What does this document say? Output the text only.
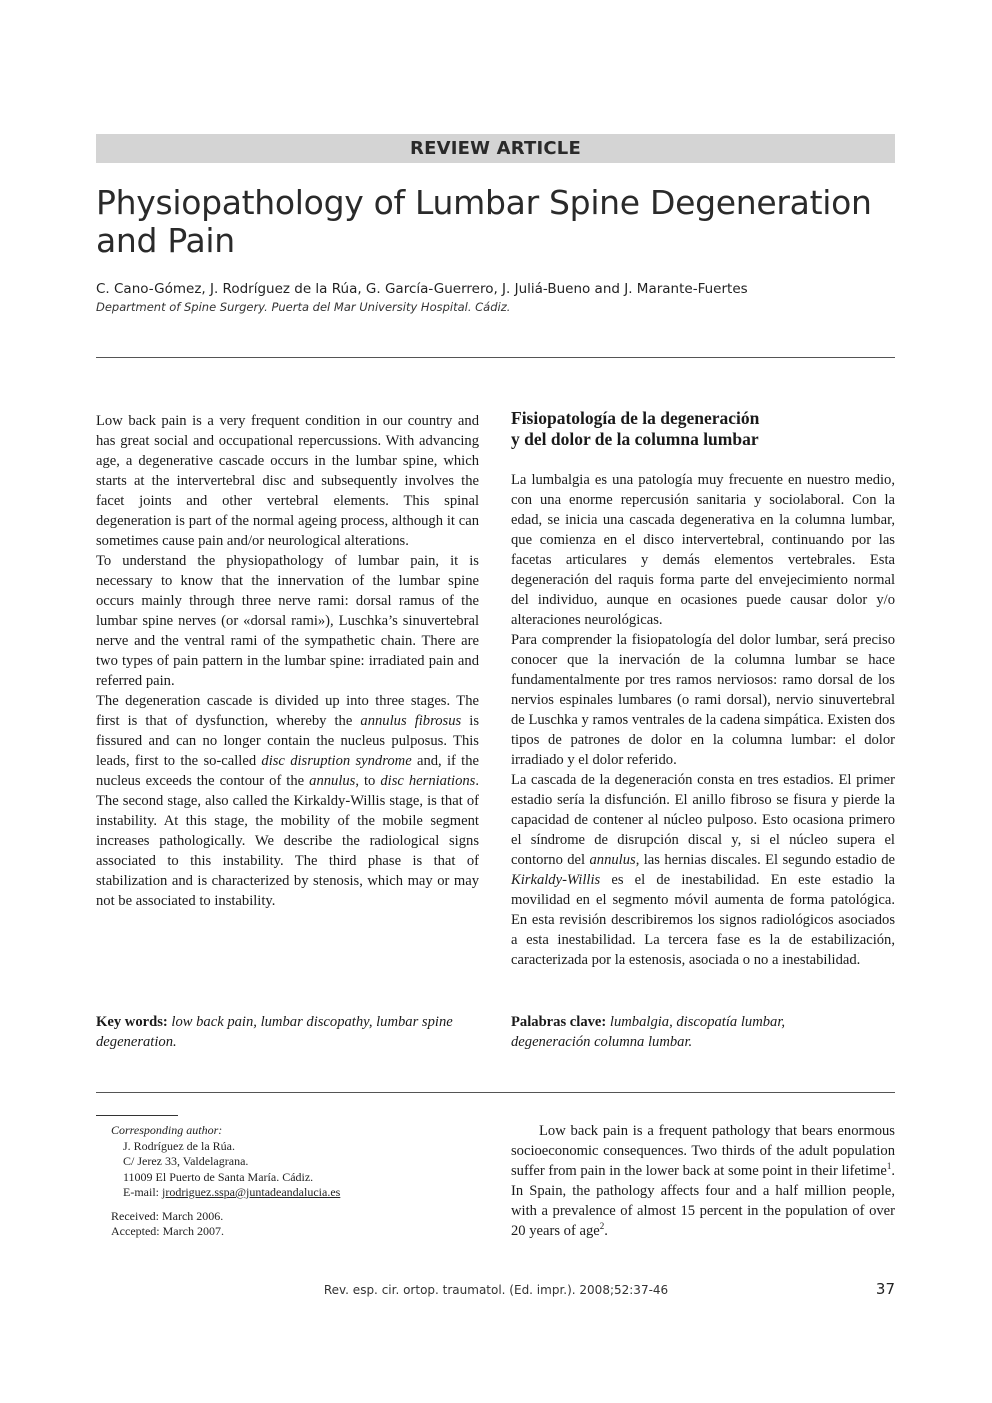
REVIEW ARTICLE
Physiopathology of Lumbar Spine Degeneration and Pain
C. Cano-Gómez, J. Rodríguez de la Rúa, G. García-Guerrero, J. Juliá-Bueno and J. Marante-Fuertes
Department of Spine Surgery. Puerta del Mar University Hospital. Cádiz.

Low back pain is a very frequent condition in our country and has great social and occupational repercussions. With advancing age, a degenerative cascade occurs in the lumbar spine, which starts at the intervertebral disc and subsequently involves the facet joints and other vertebral elements. This spinal degeneration is part of the normal ageing process, although it can sometimes cause pain and/or neurological alterations.

To understand the physiopathology of lumbar pain, it is necessary to know that the innervation of the lumbar spine occurs mainly through three nerve rami: dorsal ramus of the lumbar spine nerves (or «dorsal rami»), Luschka’s sinuvertebral nerve and the ventral rami of the sympathetic chain. There are two types of pain pattern in the lumbar spine: irradiated pain and referred pain.

The degeneration cascade is divided up into three stages. The first is that of dysfunction, whereby the annulus fibrosus is fissured and can no longer contain the nucleus pulposus. This leads, first to the so-called disc disruption syndrome and, if the nucleus exceeds the contour of the annulus, to disc herniations. The second stage, also called the Kirkaldy-Willis stage, is that of instability. At this stage, the mobility of the mobile segment increases pathologically. We describe the radiological signs associated to this instability. The third phase is that of stabilization and is characterized by stenosis, which may or may not be associated to instability.

Fisiopatología de la degeneración
y del dolor de la columna lumbar

La lumbalgia es una patología muy frecuente en nuestro medio, con una enorme repercusión sanitaria y sociolaboral. Con la edad, se inicia una cascada degenerativa en la columna lumbar, que comienza en el disco intervertebral, continuando por las facetas articulares y demás elementos vertebrales. Esta degeneración del raquis forma parte del envejecimiento normal del individuo, aunque en ocasiones puede causar dolor y/o alteraciones neurológicas.

Para comprender la fisiopatología del dolor lumbar, será preciso conocer que la inervación de la columna lumbar se hace fundamentalmente por tres ramos nerviosos: ramo dorsal de los nervios espinales lumbares (o rami dorsal), nervio sinuvertebral de Luschka y ramos ventrales de la cadena simpática. Existen dos tipos de patrones de dolor en la columna lumbar: el dolor irradiado y el dolor referido.

La cascada de la degeneración consta en tres estadios. El primer estadio sería la disfunción. El anillo fibroso se fisura y pierde la capacidad de contener al núcleo pulposo. Esto ocasiona primero el síndrome de disrupción discal y, si el núcleo supera el contorno del annulus, las hernias discales. El segundo estadio de Kirkaldy-Willis es el de inestabilidad. En este estadio la movilidad en el segmento móvil aumenta de forma patológica. En esta revisión describiremos los signos radiológicos asociados a esta inestabilidad. La tercera fase es la de estabilización, caracterizada por la estenosis, asociada o no a inestabilidad.

Key words: low back pain, lumbar discopathy, lumbar spine degeneration.
Palabras clave: lumbalgia, discopatía lumbar, degeneración columna lumbar.
Corresponding author:
J. Rodríguez de la Rúa.
C/ Jerez 33, Valdelagrana.
11009 El Puerto de Santa María. Cádiz.
E-mail: jrodriguez.sspa@juntadeandalucia.es
Received: March 2006.
Accepted: March 2007.

Low back pain is a frequent pathology that bears enormous socioeconomic consequences. Two thirds of the adult population suffer from pain in the lower back at some point in their lifetime$^1$. In Spain, the pathology affects four and a half million people, with a prevalence of almost 15 percent in the population of over 20 years of age$^2$.

Rev. esp. cir. ortop. traumatol. (Ed. impr.). 2008;52:37-46	37
